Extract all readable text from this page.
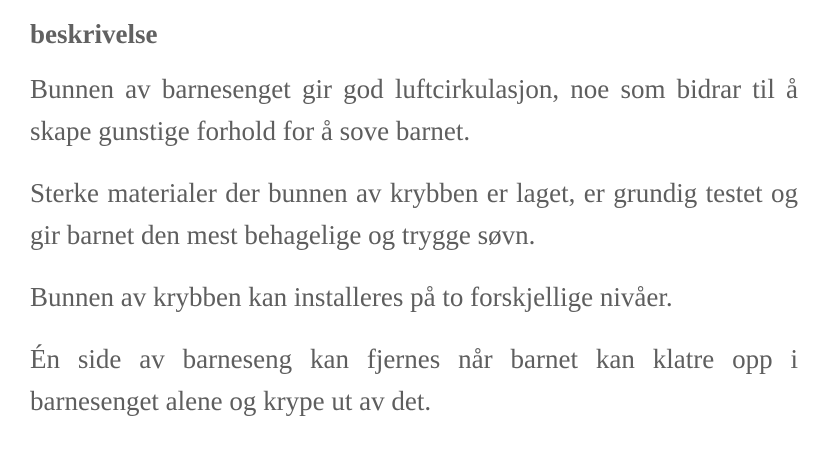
beskrivelse

Bunnen av barnesenget gir god luftcirkulasjon, noe som bidrar til å skape gunstige forhold for å sove barnet.

Sterke materialer der bunnen av krybben er laget, er grundig testet og gir barnet den mest behagelige og trygge søvn.

Bunnen av krybben kan installeres på to forskjellige nivåer.

Én side av barneseng kan fjernes når barnet kan klatre opp i barnesenget alene og krype ut av det.
